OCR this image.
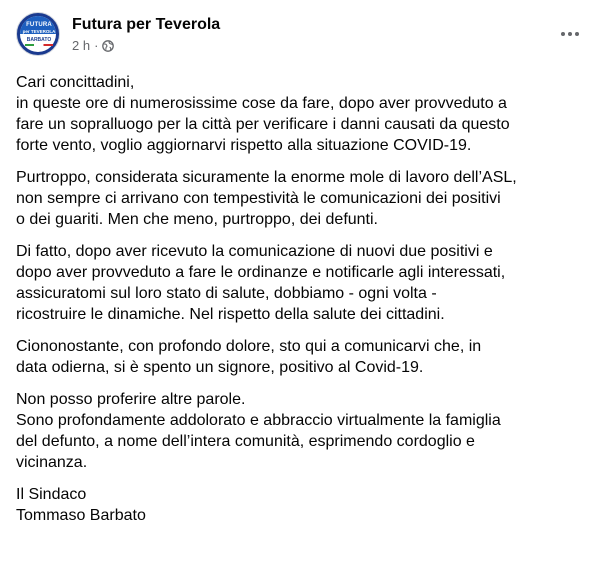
FUTURA
per TEVEROLA
BARBATO
Futura per Teverola
2 h ·

Cari concittadini,
in queste ore di numerosissime cose da fare, dopo aver provveduto a
fare un sopralluogo per la città per verificare i danni causati da questo
forte vento, voglio aggiornarvi rispetto alla situazione COVID-19.

Purtroppo, considerata sicuramente la enorme mole di lavoro dell’ASL,
non sempre ci arrivano con tempestività le comunicazioni dei positivi
o dei guariti. Men che meno, purtroppo, dei defunti.

Di fatto, dopo aver ricevuto la comunicazione di nuovi due positivi e
dopo aver provveduto a fare le ordinanze e notificarle agli interessati,
assicuratomi sul loro stato di salute, dobbiamo - ogni volta -
ricostruire le dinamiche. Nel rispetto della salute dei cittadini.

Ciononostante, con profondo dolore, sto qui a comunicarvi che, in
data odierna, si è spento un signore, positivo al Covid-19.

Non posso proferire altre parole.
Sono profondamente addolorato e abbraccio virtualmente la famiglia
del defunto, a nome dell’intera comunità, esprimendo cordoglio e
vicinanza.

Il Sindaco
Tommaso Barbato
